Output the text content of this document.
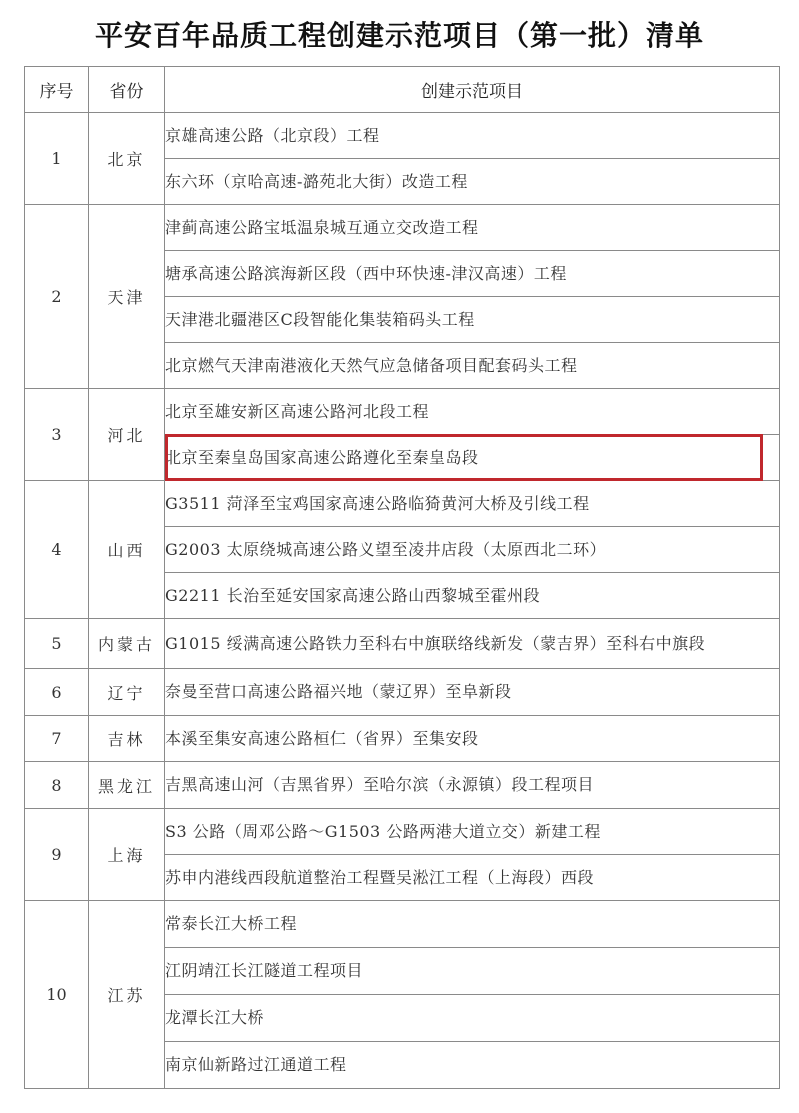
平安百年品质工程创建示范项目（第一批）清单
序号	省份	创建示范项目
1	北京	京雄高速公路（北京段）工程
		东六环（京哈高速-潞苑北大街）改造工程
2	天津	津蓟高速公路宝坻温泉城互通立交改造工程
		塘承高速公路滨海新区段（西中环快速-津汉高速）工程
		天津港北疆港区C段智能化集装箱码头工程
		北京燃气天津南港液化天然气应急储备项目配套码头工程
3	河北	北京至雄安新区高速公路河北段工程
		北京至秦皇岛国家高速公路遵化至秦皇岛段
4	山西	G3511 菏泽至宝鸡国家高速公路临猗黄河大桥及引线工程
		G2003 太原绕城高速公路义望至凌井店段（太原西北二环）
		G2211 长治至延安国家高速公路山西黎城至霍州段
5	内蒙古	G1015 绥满高速公路铁力至科右中旗联络线新发（蒙吉界）至科右中旗段
6	辽宁	奈曼至营口高速公路福兴地（蒙辽界）至阜新段
7	吉林	本溪至集安高速公路桓仁（省界）至集安段
8	黑龙江	吉黑高速山河（吉黑省界）至哈尔滨（永源镇）段工程项目
9	上海	S3 公路（周邓公路～G1503 公路两港大道立交）新建工程
		苏申内港线西段航道整治工程暨吴淞江工程（上海段）西段
10	江苏	常泰长江大桥工程
		江阴靖江长江隧道工程项目
		龙潭长江大桥
		南京仙新路过江通道工程
